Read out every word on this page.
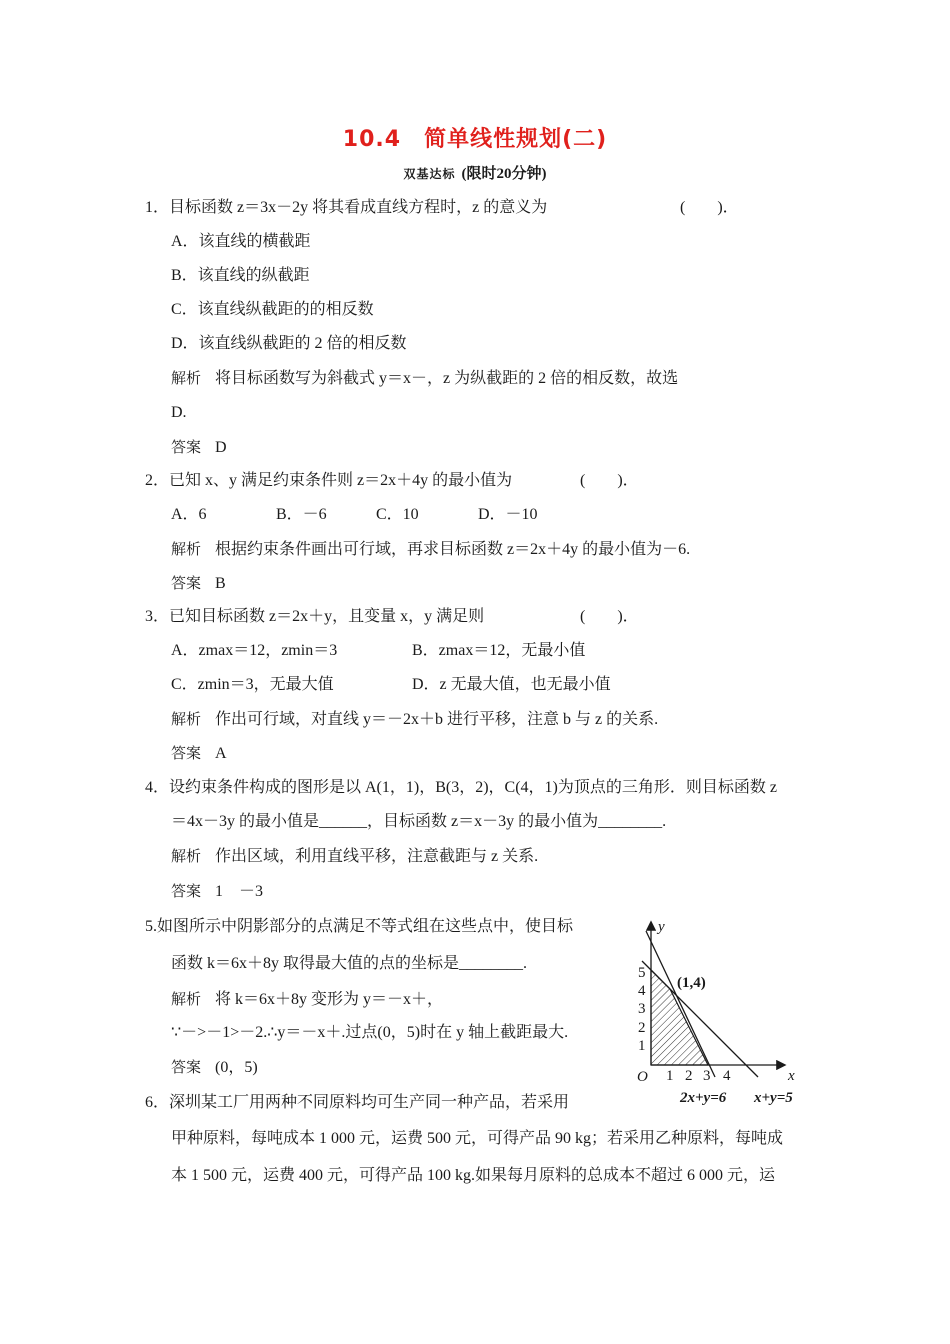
10.4　简单线性规划(二)
双基达标 (限时20分钟)
1．目标函数 z＝3x－2y 将其看成直线方程时，z 的意义为	(　　)．
A．该直线的横截距
B．该直线的纵截距
C．该直线纵截距的的相反数
D．该直线纵截距的 2 倍的相反数
解析 将目标函数写为斜截式 y＝x－，z 为纵截距的 2 倍的相反数，故选
D.
答案 D
2．已知 x、y 满足约束条件则 z＝2x＋4y 的最小值为	(　　)．
A．6	B．－6	C．10	D．－10
解析 根据约束条件画出可行域，再求目标函数 z＝2x＋4y 的最小值为－6.
答案 B
3．已知目标函数 z＝2x＋y，且变量 x，y 满足则	(　　)．
A．zmax＝12，zmin＝3	B．zmax＝12，无最小值
C．zmin＝3，无最大值	D．z 无最大值，也无最小值
解析 作出可行域，对直线 y＝－2x＋b 进行平移，注意 b 与 z 的关系.
答案 A
4．设约束条件构成的图形是以 A(1，1)，B(3，2)，C(4，1)为顶点的三角形．则目标函数 z
＝4x－3y 的最小值是______，目标函数 z＝x－3y 的最小值为________.
解析 作出区域，利用直线平移，注意截距与 z 关系.
答案 1　－3
5.如图所示中阴影部分的点满足不等式组在这些点中，使目标
函数 k＝6x＋8y 取得最大值的点的坐标是________.
解析 将 k＝6x＋8y 变形为 y＝－x＋，
∵－>－1>－2.∴y＝－x＋.过点(0，5)时在 y 轴上截距最大.
答案 (0，5)	x
y
O 1 2 3 4
1
2
3
4
5
(1,4)
2x+y=6 x+y=5
6．深圳某工厂用两种不同原料均可生产同一种产品，若采用
甲种原料，每吨成本 1 000 元，运费 500 元，可得产品 90 kg；若采用乙种原料，每吨成
本 1 500 元，运费 400 元，可得产品 100 kg.如果每月原料的总成本不超过 6 000 元，运
